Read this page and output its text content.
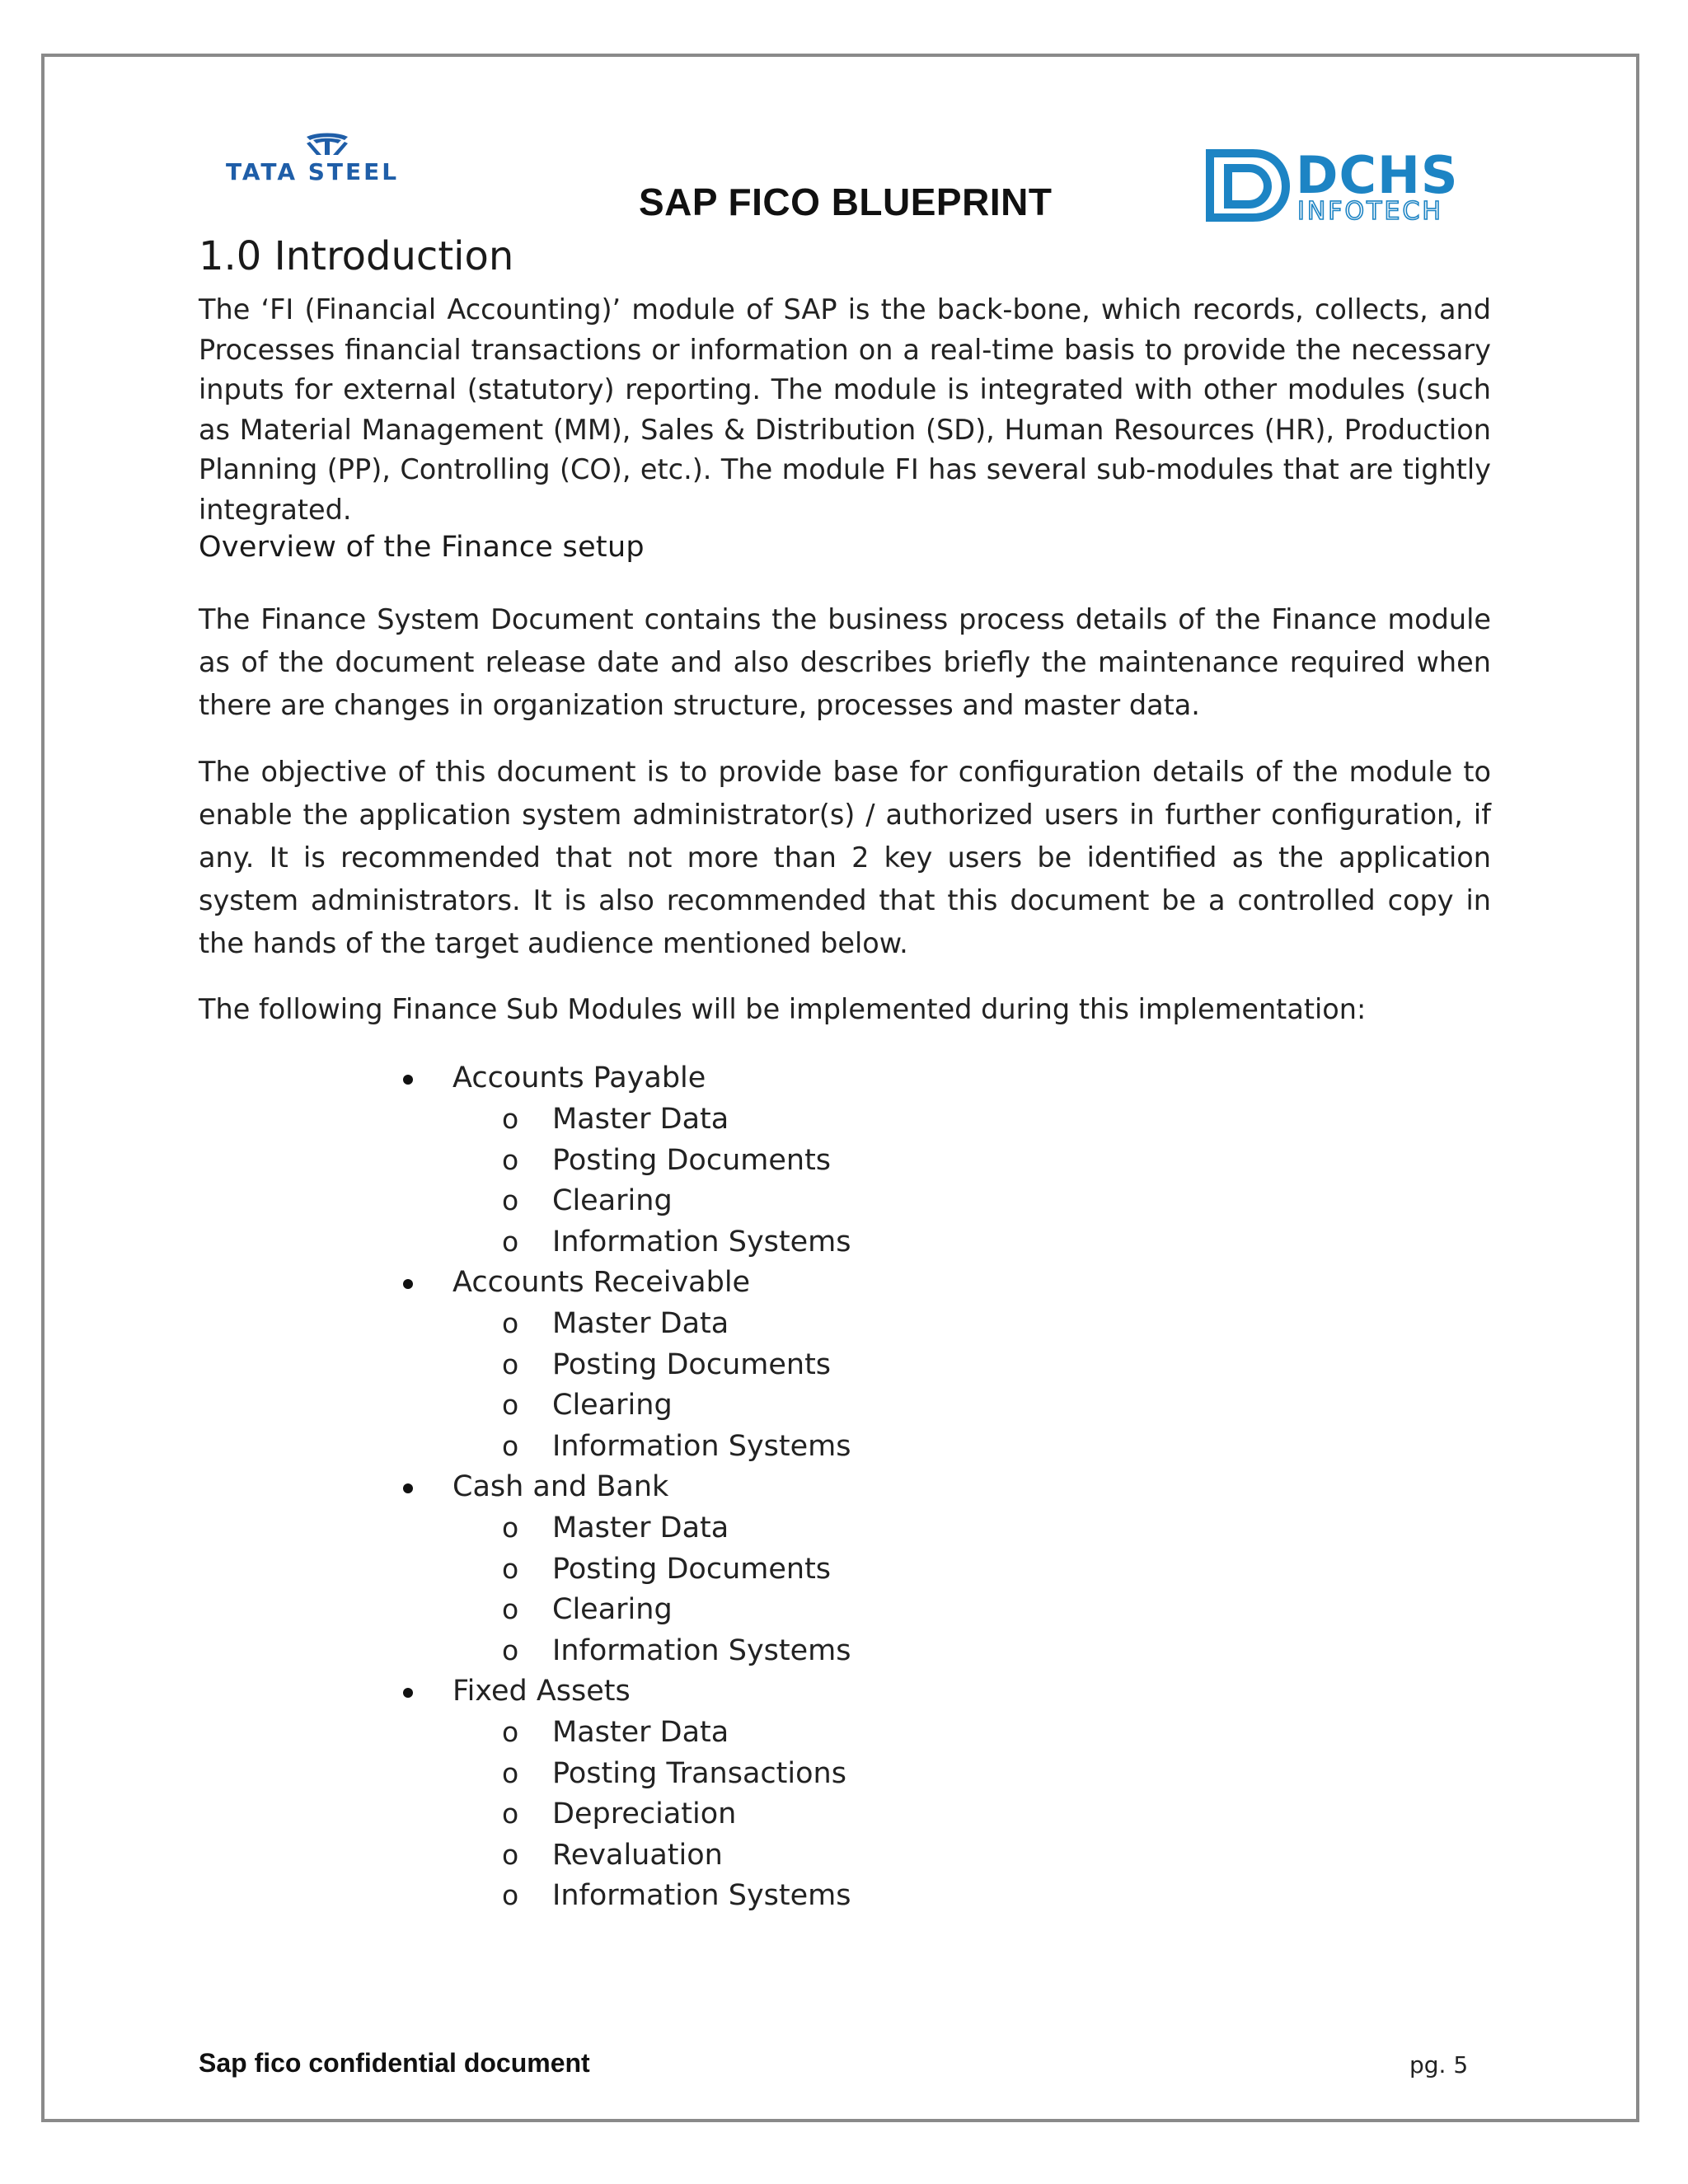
TATA STEEL
SAP FICO BLUEPRINT	DCHS
INFOTECH
1.0 Introduction

The ‘FI (Financial Accounting)’ module of SAP is the back-bone, which records, collects, and Processes financial transactions or information on a real-time basis to provide the necessary inputs for external (statutory) reporting. The module is integrated with other modules (such as Material Management (MM), Sales & Distribution (SD), Human Resources (HR), Production Planning (PP), Controlling (CO), etc.). The module FI has several sub-modules that are tightly integrated.

Overview of the Finance setup

The Finance System Document contains the business process details of the Finance module as of the document release date and also describes briefly the maintenance required when there are changes in organization structure, processes and master data.

The objective of this document is to provide base for configuration details of the module to enable the application system administrator(s) / authorized users in further configuration, if any. It is recommended that not more than 2 key users be identified as the application system administrators. It is also recommended that this document be a controlled copy in the hands of the target audience mentioned below.

The following Finance Sub Modules will be implemented during this implementation:

Accounts Payable
o Master Data
o Posting Documents
o Clearing
o Information Systems
Accounts Receivable
o Master Data
o Posting Documents
o Clearing
o Information Systems
Cash and Bank
o Master Data
o Posting Documents
o Clearing
o Information Systems
Fixed Assets
o Master Data
o Posting Transactions
o Depreciation
o Revaluation
o Information Systems
Sap fico confidential document	pg. 5
